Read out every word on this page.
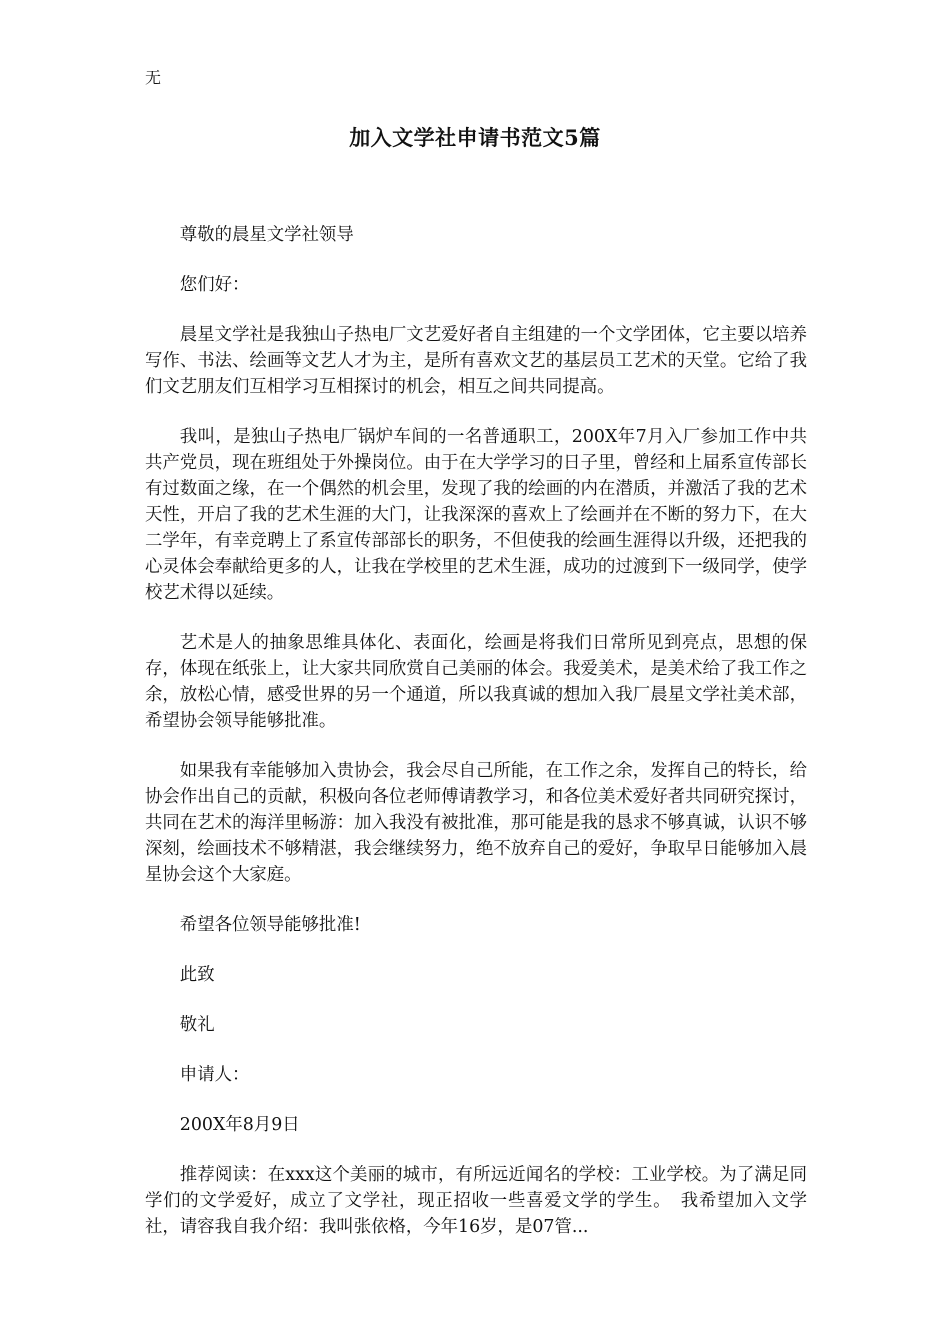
无
加入文学社申请书范文5篇

尊敬的晨星文学社领导

您们好：

晨星文学社是我独山子热电厂文艺爱好者自主组建的一个文学团体，它主要以培养写作、书法、绘画等文艺人才为主，是所有喜欢文艺的基层员工艺术的天堂。它给了我们文艺朋友们互相学习互相探讨的机会，相互之间共同提高。

我叫，是独山子热电厂锅炉车间的一名普通职工，200X年7月入厂参加工作中共共产党员，现在班组处于外操岗位。由于在大学学习的日子里，曾经和上届系宣传部长有过数面之缘，在一个偶然的机会里，发现了我的绘画的内在潜质，并激活了我的艺术天性，开启了我的艺术生涯的大门，让我深深的喜欢上了绘画并在不断的努力下，在大二学年，有幸竞聘上了系宣传部部长的职务，不但使我的绘画生涯得以升级，还把我的心灵体会奉献给更多的人，让我在学校里的艺术生涯，成功的过渡到下一级同学，使学校艺术得以延续。

艺术是人的抽象思维具体化、表面化，绘画是将我们日常所见到亮点，思想的保存，体现在纸张上，让大家共同欣赏自己美丽的体会。我爱美术，是美术给了我工作之余，放松心情，感受世界的另一个通道，所以我真诚的想加入我厂晨星文学社美术部，希望协会领导能够批准。

如果我有幸能够加入贵协会，我会尽自己所能，在工作之余，发挥自己的特长，给协会作出自己的贡献，积极向各位老师傅请教学习，和各位美术爱好者共同研究探讨，共同在艺术的海洋里畅游：加入我没有被批准，那可能是我的恳求不够真诚，认识不够深刻，绘画技术不够精湛，我会继续努力，绝不放弃自己的爱好，争取早日能够加入晨星协会这个大家庭。

希望各位领导能够批准!

此致

敬礼

申请人：

200X年8月9日

推荐阅读：在xxx这个美丽的城市，有所远近闻名的学校：工业学校。为了满足同学们的文学爱好，成立了文学社，现正招收一些喜爱文学的学生。　我希望加入文学社，请容我自我介绍：我叫张依格，今年16岁，是07管...
